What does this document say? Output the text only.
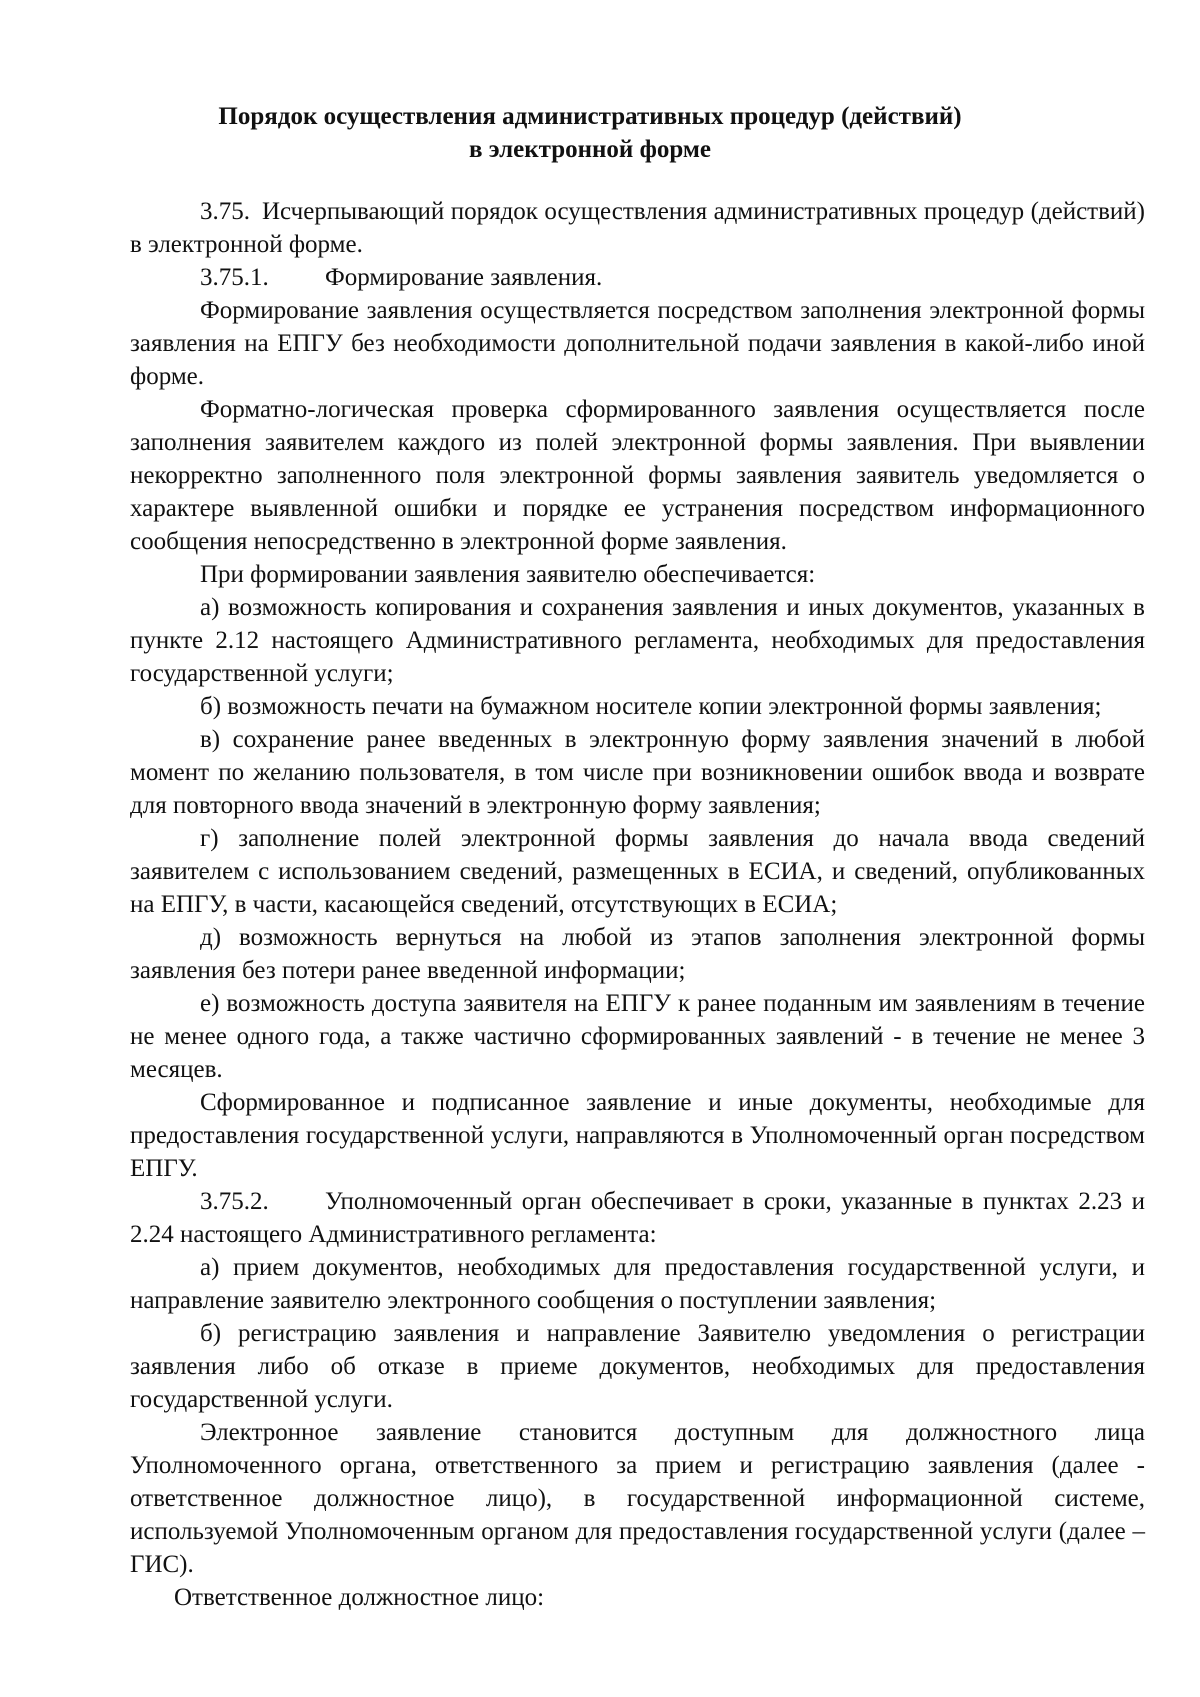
Порядок осуществления административных процедур (действий)
в электронной форме

3.75. Исчерпывающий порядок осуществления административных процедур (действий) в электронной форме.

3.75.1. Формирование заявления.

Формирование заявления осуществляется посредством заполнения электронной формы заявления на ЕПГУ без необходимости дополнительной подачи заявления в какой-либо иной форме.

Форматно-логическая проверка сформированного заявления осуществляется после заполнения заявителем каждого из полей электронной формы заявления. При выявлении некорректно заполненного поля электронной формы заявления заявитель уведомляется о характере выявленной ошибки и порядке ее устранения посредством информационного сообщения непосредственно в электронной форме заявления.

При формировании заявления заявителю обеспечивается:

а) возможность копирования и сохранения заявления и иных документов, указанных в пункте 2.12 настоящего Административного регламента, необходимых для предоставления государственной услуги;

б) возможность печати на бумажном носителе копии электронной формы заявления;

в) сохранение ранее введенных в электронную форму заявления значений в любой момент по желанию пользователя, в том числе при возникновении ошибок ввода и возврате для повторного ввода значений в электронную форму заявления;

г) заполнение полей электронной формы заявления до начала ввода сведений заявителем с использованием сведений, размещенных в ЕСИА, и сведений, опубликованных на ЕПГУ, в части, касающейся сведений, отсутствующих в ЕСИА;

д) возможность вернуться на любой из этапов заполнения электронной формы заявления без потери ранее введенной информации;

е) возможность доступа заявителя на ЕПГУ к ранее поданным им заявлениям в течение не менее одного года, а также частично сформированных заявлений - в течение не менее 3 месяцев.

Сформированное и подписанное заявление и иные документы, необходимые для предоставления государственной услуги, направляются в Уполномоченный орган посредством ЕПГУ.

3.75.2. Уполномоченный орган обеспечивает в сроки, указанные в пунктах 2.23 и 2.24 настоящего Административного регламента:

а) прием документов, необходимых для предоставления государственной услуги, и направление заявителю электронного сообщения о поступлении заявления;

б) регистрацию заявления и направление Заявителю уведомления о регистрации заявления либо об отказе в приеме документов, необходимых для предоставления государственной услуги.

Электронное заявление становится доступным для должностного лица Уполномоченного органа, ответственного за прием и регистрацию заявления (далее - ответственное должностное лицо), в государственной информационной системе, используемой Уполномоченным органом для предоставления государственной услуги (далее – ГИС).

Ответственное должностное лицо:
